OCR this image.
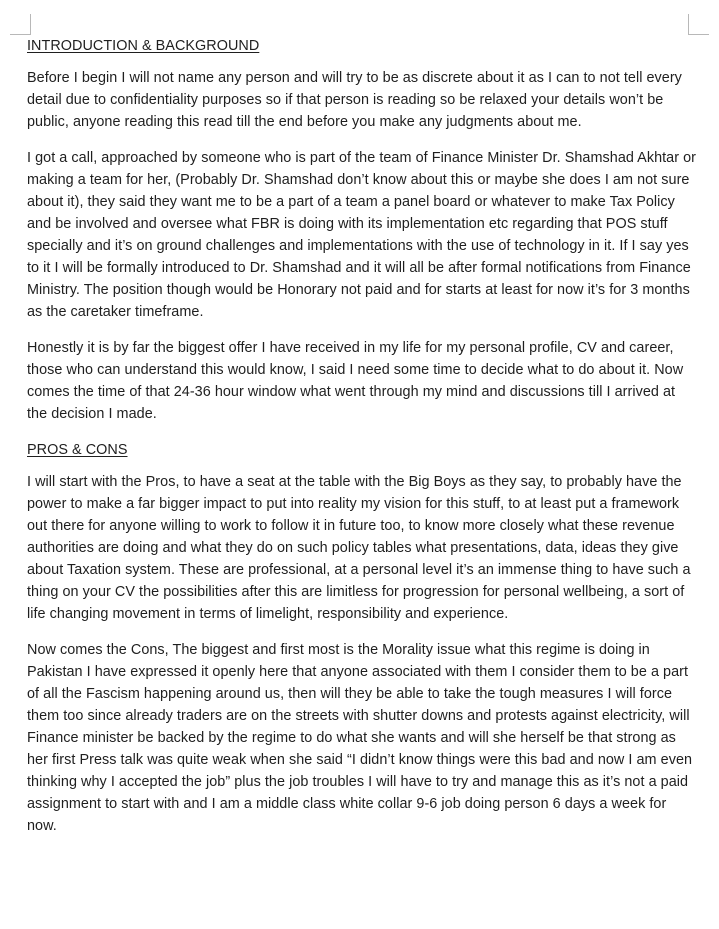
INTRODUCTION & BACKGROUND

Before I begin I will not name any person and will try to be as discrete about it as I can to not tell every detail due to confidentiality purposes so if that person is reading so be relaxed your details won’t be public, anyone reading this read till the end before you make any judgments about me.

I got a call, approached by someone who is part of the team of Finance Minister Dr. Shamshad Akhtar or making a team for her, (Probably Dr. Shamshad don’t know about this or maybe she does I am not sure about it), they said they want me to be a part of a team a panel board or whatever to make Tax Policy and be involved and oversee what FBR is doing with its implementation etc regarding that POS stuff specially and it’s on ground challenges and implementations with the use of technology in it. If I say yes to it I will be formally introduced to Dr. Shamshad and it will all be after formal notifications from Finance Ministry. The position though would be Honorary not paid and for starts at least for now it’s for 3 months as the caretaker timeframe.

Honestly it is by far the biggest offer I have received in my life for my personal profile, CV and career, those who can understand this would know, I said I need some time to decide what to do about it. Now comes the time of that 24-36 hour window what went through my mind and discussions till I arrived at the decision I made.

PROS & CONS

I will start with the Pros, to have a seat at the table with the Big Boys as they say, to probably have the power to make a far bigger impact to put into reality my vision for this stuff, to at least put a framework out there for anyone willing to work to follow it in future too, to know more closely what these revenue authorities are doing and what they do on such policy tables what presentations, data, ideas they give about Taxation system. These are professional, at a personal level it’s an immense thing to have such a thing on your CV the possibilities after this are limitless for progression for personal wellbeing, a sort of life changing movement in terms of limelight, responsibility and experience.

Now comes the Cons, The biggest and first most is the Morality issue what this regime is doing in Pakistan I have expressed it openly here that anyone associated with them I consider them to be a part of all the Fascism happening around us, then will they be able to take the tough measures I will force them too since already traders are on the streets with shutter downs and protests against electricity, will Finance minister be backed by the regime to do what she wants and will she herself be that strong as her first Press talk was quite weak when she said “I didn’t know things were this bad and now I am even thinking why I accepted the job” plus the job troubles I will have to try and manage this as it’s not a paid assignment to start with and I am a middle class white collar 9-6 job doing person 6 days a week for now.
